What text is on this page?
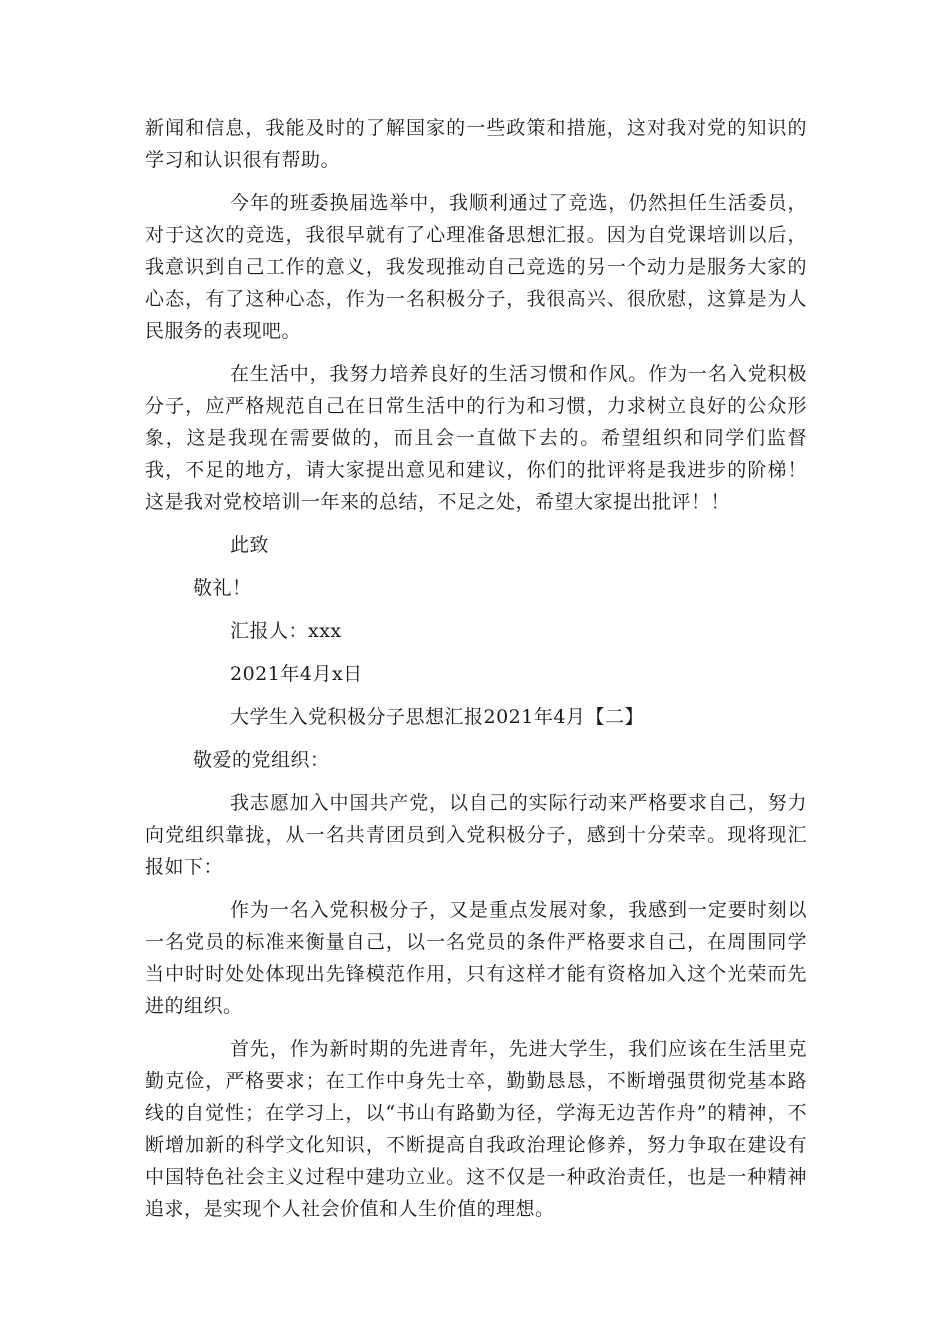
新闻和信息，我能及时的了解国家的一些政策和措施，这对我对党的知识的学习和认识很有帮助。

今年的班委换届选举中，我顺利通过了竞选，仍然担任生活委员，对于这次的竞选，我很早就有了心理准备思想汇报。因为自党课培训以后，我意识到自己工作的意义，我发现推动自己竞选的另一个动力是服务大家的心态，有了这种心态，作为一名积极分子，我很高兴、很欣慰，这算是为人民服务的表现吧。

在生活中，我努力培养良好的生活习惯和作风。作为一名入党积极分子，应严格规范自己在日常生活中的行为和习惯，力求树立良好的公众形象，这是我现在需要做的，而且会一直做下去的。希望组织和同学们监督我，不足的地方，请大家提出意见和建议，你们的批评将是我进步的阶梯！这是我对党校培训一年来的总结，不足之处，希望大家提出批评！！

此致

敬礼！

汇报人：xxx

2021年4月x日

大学生入党积极分子思想汇报2021年4月【二】

敬爱的党组织：

我志愿加入中国共产党，以自己的实际行动来严格要求自己，努力向党组织靠拢，从一名共青团员到入党积极分子，感到十分荣幸。现将现汇报如下：

作为一名入党积极分子，又是重点发展对象，我感到一定要时刻以一名党员的标准来衡量自己，以一名党员的条件严格要求自己，在周围同学当中时时处处体现出先锋模范作用，只有这样才能有资格加入这个光荣而先进的组织。

首先，作为新时期的先进青年，先进大学生，我们应该在生活里克勤克俭，严格要求；在工作中身先士卒，勤勤恳恳，不断增强贯彻党基本路线的自觉性；在学习上，以“书山有路勤为径，学海无边苦作舟”的精神，不断增加新的科学文化知识，不断提高自我政治理论修养，努力争取在建设有中国特色社会主义过程中建功立业。这不仅是一种政治责任，也是一种精神追求，是实现个人社会价值和人生价值的理想。
